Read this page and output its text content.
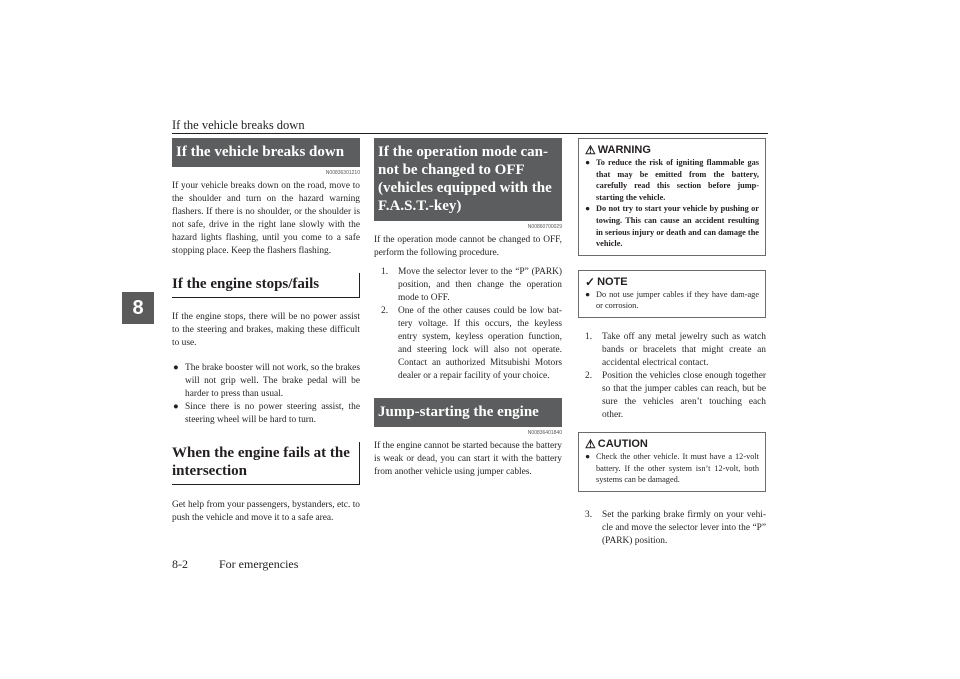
If the vehicle breaks down
8
If the vehicle breaks down
N00836301210

If your vehicle breaks down on the road, move to the shoulder and turn on the hazard warning flashers. If there is no shoulder, or the shoulder is not safe, drive in the right lane slowly with the hazard lights flashing, until you come to a safe stopping place. Keep the flashers flashing.

If the engine stops/fails

If the engine stops, there will be no power assist to the steering and brakes, making these difficult to use.

● The brake booster will not work, so the brakes will not grip well. The brake pedal will be harder to press than usual.
● Since there is no power steering assist, the steering wheel will be hard to turn.
When the engine fails at the intersection

Get help from your passengers, bystanders, etc. to push the vehicle and move it to a safe area.

If the operation mode can-not be changed to OFF (vehicles equipped with the F.A.S.T.-key)
N00860700029

If the operation mode cannot be changed to OFF, perform the following procedure.

1.	Move the selector lever to the “P” (PARK) position, and then change the operation mode to OFF.
2.	One of the other causes could be low bat-tery voltage. If this occurs, the keyless entry system, keyless operation function, and steering lock will also not operate. Contact an authorized Mitsubishi Motors dealer or a repair facility of your choice.
Jump-starting the engine
N00836401840

If the engine cannot be started because the battery is weak or dead, you can start it with the battery from another vehicle using jumper cables.

⚠ WARNING
● To reduce the risk of igniting flammable gas that may be emitted from the battery, carefully read this section before jump-starting the vehicle.
● Do not try to start your vehicle by pushing or towing. This can cause an accident resulting in serious injury or death and can damage the vehicle.
✓ NOTE
● Do not use jumper cables if they have dam-age or corrosion.
1.	Take off any metal jewelry such as watch bands or bracelets that might create an accidental electrical contact.
2.	Position the vehicles close enough together so that the jumper cables can reach, but be sure the vehicles aren’t touching each other.
⚠ CAUTION
● Check the other vehicle. It must have a 12-volt battery. If the other system isn’t 12-volt, both systems can be damaged.
3.	Set the parking brake firmly on your vehi-cle and move the selector lever into the “P” (PARK) position.
8-2	For emergencies
